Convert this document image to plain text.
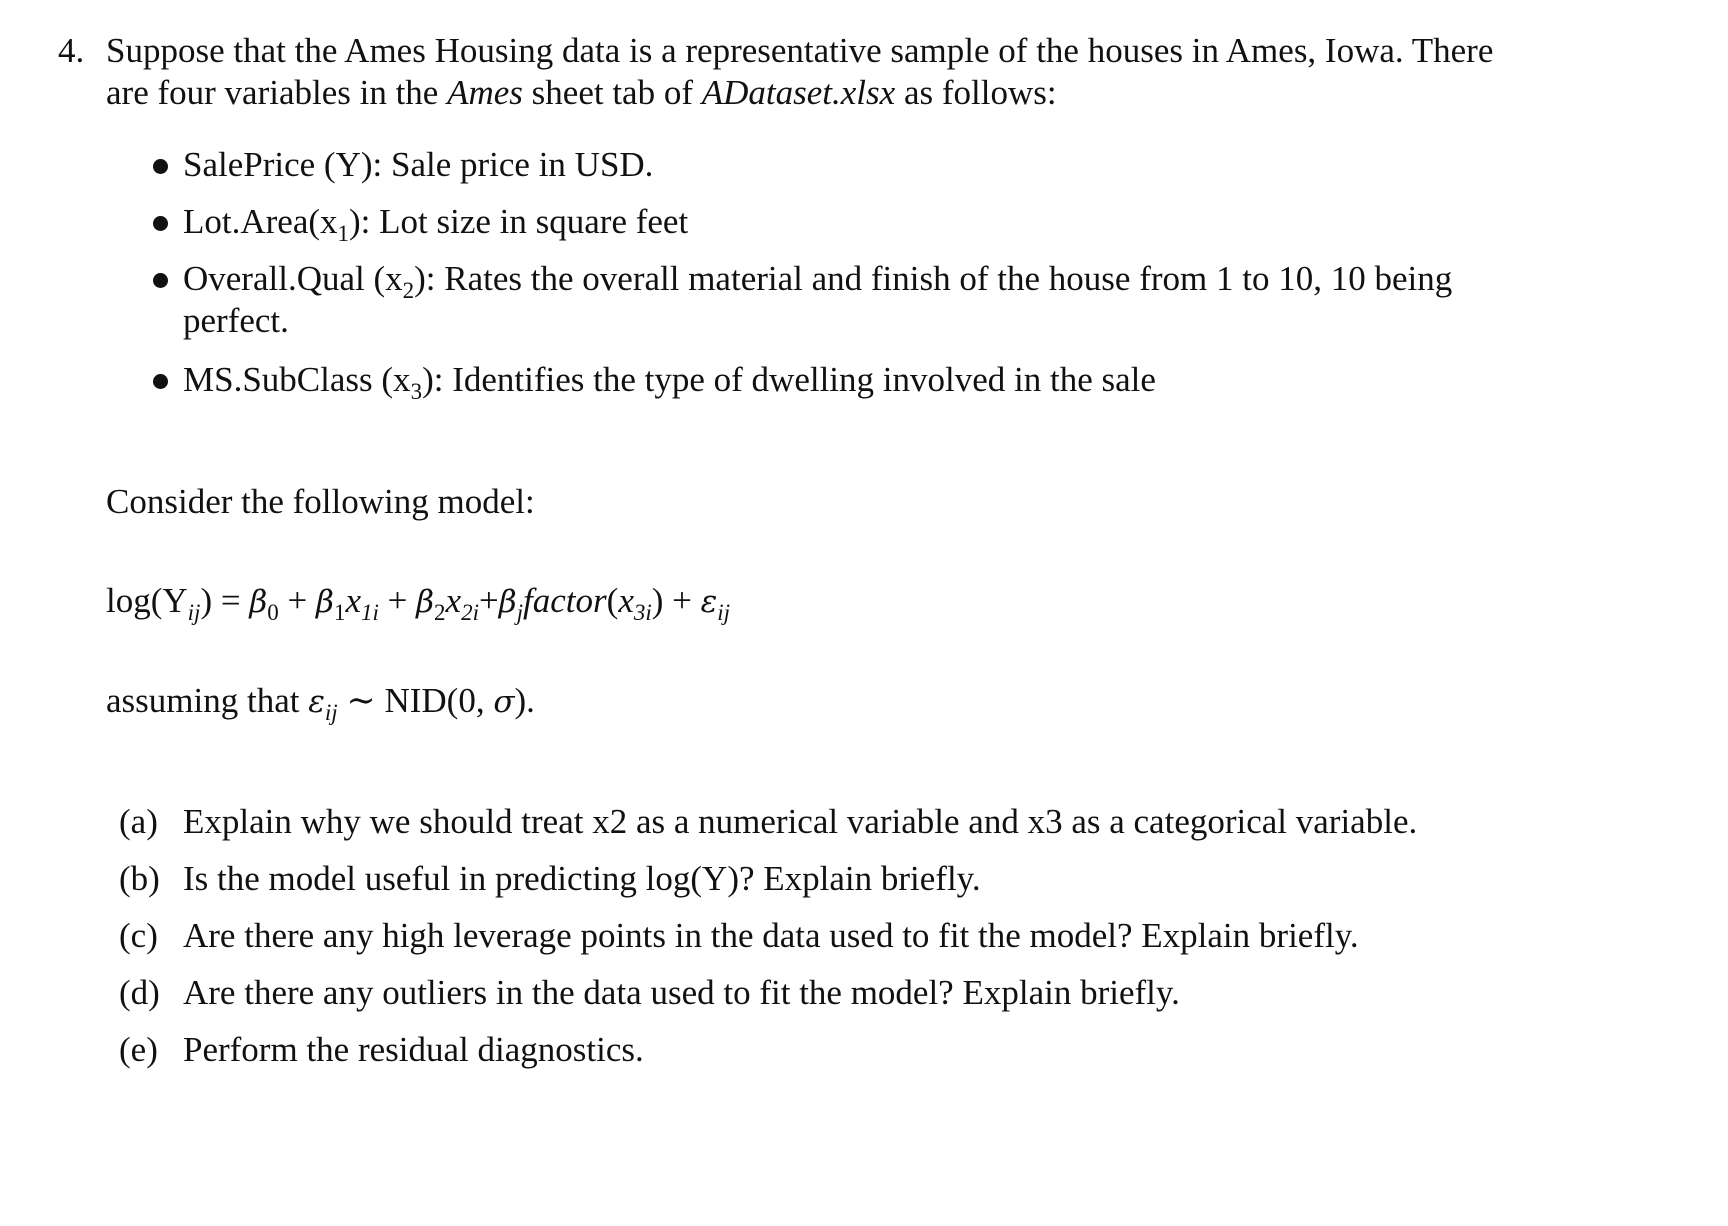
4. Suppose that the Ames Housing data is a representative sample of the houses in Ames, Iowa. There
are four variables in the Ames sheet tab of ADataset.xlsx as follows:
SalePrice (Y): Sale price in USD.
$Lot.Area(x_1)$: Lot size in square feet
Overall.Qual $(x_2)$: Rates the overall material and finish of the house from 1 to 10, 10 being
perfect.
MS.SubClass $(x_3)$: Identifies the type of dwelling involved in the sale
Consider the following model:
$\log(Y_{ij}) = \beta_0 + \beta_1x_{1i}$ + $\beta_2x_{2i}+\beta_jfactor(x_{3i}) + \varepsilon_{ij}$
assuming that $\varepsilon_{ij}$ ∼ NID(0, σ).
(a) Explain why we should treat x2 as a numerical variable and x3 as a categorical variable.
(b) Is the model useful in predicting log(Y)? Explain briefly.
(c) Are there any high leverage points in the data used to fit the model? Explain briefly.
(d) Are there any outliers in the data used to fit the model? Explain briefly.
(e) Perform the residual diagnostics.
